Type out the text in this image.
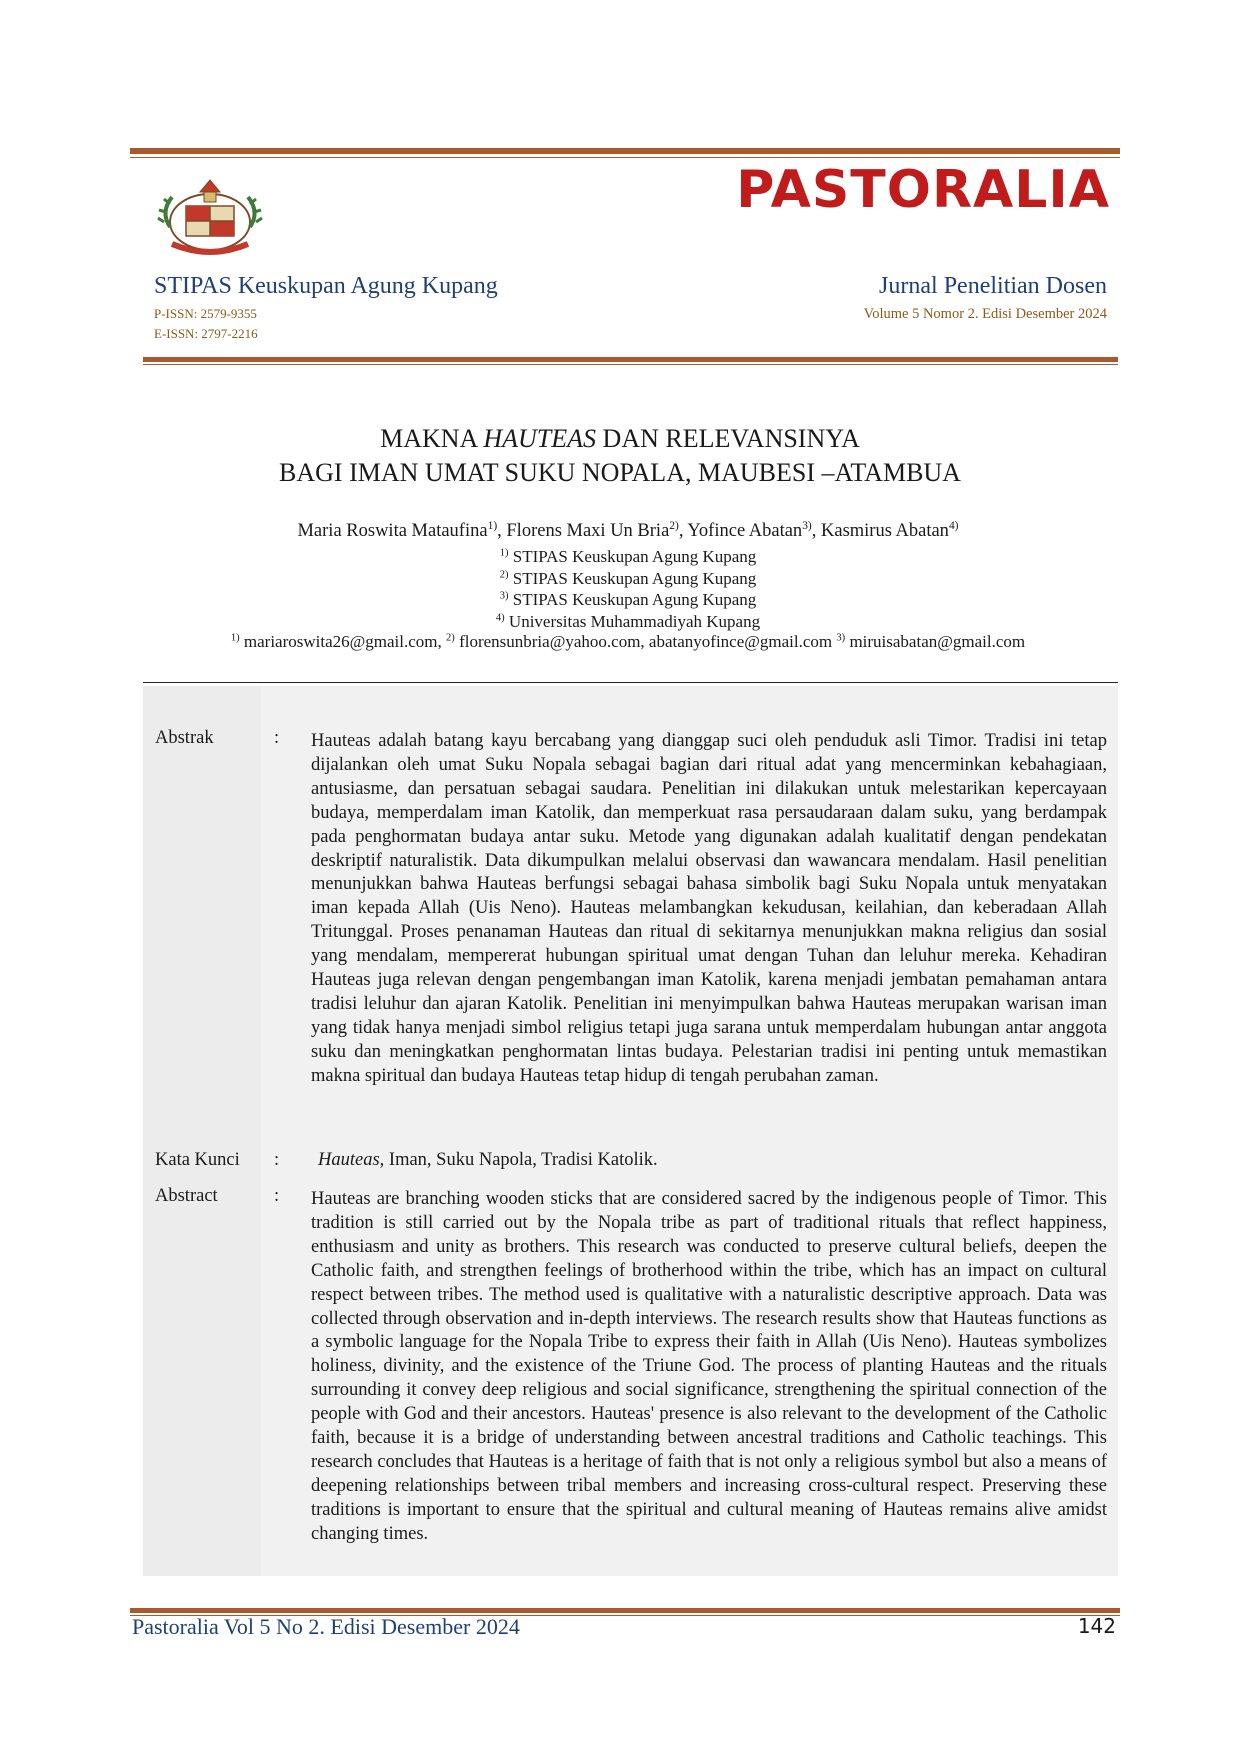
PASTORALIA
STIPAS Keuskupan Agung Kupang
P-ISSN: 2579-9355
E-ISSN: 2797-2216
Jurnal Penelitian Dosen
Volume 5 Nomor 2. Edisi Desember 2024
MAKNA HAUTEAS DAN RELEVANSINYA
BAGI IMAN UMAT SUKU NOPALA, MAUBESI –ATAMBUA
Maria Roswita Mataufina$^{1)}$, Florens Maxi Un Bria$^{2)}$, Yofince Abatan$^{3)}$, Kasmirus Abatan$^{4)}$
$^{1)}$ STIPAS Keuskupan Agung Kupang
$^{2)}$ STIPAS Keuskupan Agung Kupang
$^{3)}$ STIPAS Keuskupan Agung Kupang
$^{4)}$ Universitas Muhammadiyah Kupang
$^{1)}$ mariaroswita26@gmail.com, $^{2)}$ florensunbria@yahoo.com, abatanyofince@gmail.com $^{3)}$ miruisabatan@gmail.com
Abstrak	: Hauteas adalah batang kayu bercabang yang dianggap suci oleh penduduk asli Timor. Tradisi ini tetap dijalankan oleh umat Suku Nopala sebagai bagian dari ritual adat yang mencerminkan kebahagiaan, antusiasme, dan persatuan sebagai saudara. Penelitian ini dilakukan untuk melestarikan kepercayaan budaya, memperdalam iman Katolik, dan memperkuat rasa persaudaraan dalam suku, yang berdampak pada penghormatan budaya antar suku. Metode yang digunakan adalah kualitatif dengan pendekatan deskriptif naturalistik. Data dikumpulkan melalui observasi dan wawancara mendalam. Hasil penelitian menunjukkan bahwa Hauteas berfungsi sebagai bahasa simbolik bagi Suku Nopala untuk menyatakan iman kepada Allah (Uis Neno). Hauteas melambangkan kekudusan, keilahian, dan keberadaan Allah Tritunggal. Proses penanaman Hauteas dan ritual di sekitarnya menunjukkan makna religius dan sosial yang mendalam, mempererat hubungan spiritual umat dengan Tuhan dan leluhur mereka. Kehadiran Hauteas juga relevan dengan pengembangan iman Katolik, karena menjadi jembatan pemahaman antara tradisi leluhur dan ajaran Katolik. Penelitian ini menyimpulkan bahwa Hauteas merupakan warisan iman yang tidak hanya menjadi simbol religius tetapi juga sarana untuk memperdalam hubungan antar anggota suku dan meningkatkan penghormatan lintas budaya. Pelestarian tradisi ini penting untuk memastikan makna spiritual dan budaya Hauteas tetap hidup di tengah perubahan zaman.

Kata Kunci : Hauteas, Iman, Suku Napola, Tradisi Katolik.
Abstract	: Hauteas are branching wooden sticks that are considered sacred by the indigenous people of Timor. This tradition is still carried out by the Nopala tribe as part of traditional rituals that reflect happiness, enthusiasm and unity as brothers. This research was conducted to preserve cultural beliefs, deepen the Catholic faith, and strengthen feelings of brotherhood within the tribe, which has an impact on cultural respect between tribes. The method used is qualitative with a naturalistic descriptive approach. Data was collected through observation and in-depth interviews. The research results show that Hauteas functions as a symbolic language for the Nopala Tribe to express their faith in Allah (Uis Neno). Hauteas symbolizes holiness, divinity, and the existence of the Triune God. The process of planting Hauteas and the rituals surrounding it convey deep religious and social significance, strengthening the spiritual connection of the people with God and their ancestors. Hauteas' presence is also relevant to the development of the Catholic faith, because it is a bridge of understanding between ancestral traditions and Catholic teachings. This research concludes that Hauteas is a heritage of faith that is not only a religious symbol but also a means of deepening relationships between tribal members and increasing cross-cultural respect. Preserving these traditions is important to ensure that the spiritual and cultural meaning of Hauteas remains alive amidst changing times.

Pastoralia Vol 5 No 2. Edisi Desember 2024	142
